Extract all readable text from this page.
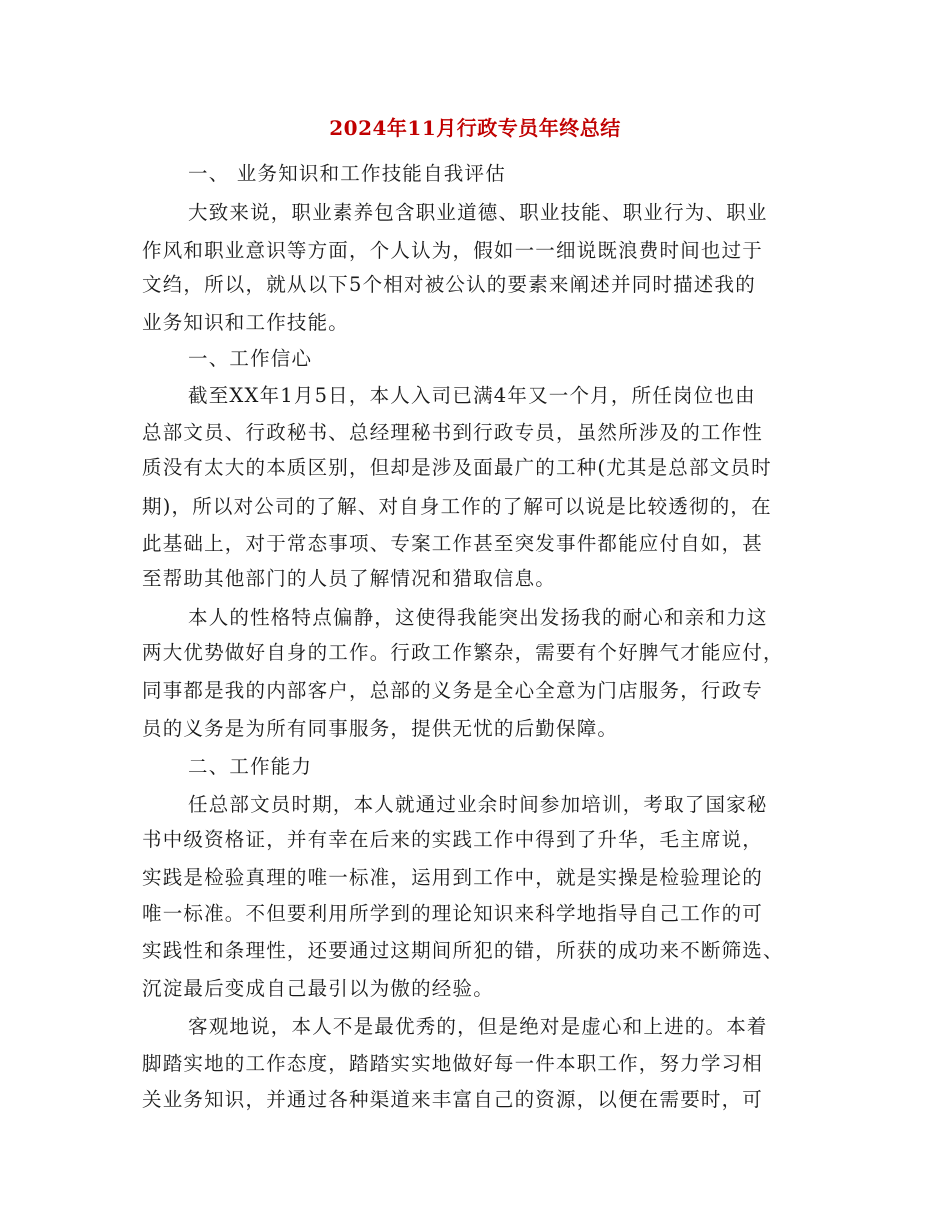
2024年11月行政专员年终总结
一、 业务知识和工作技能自我评估
大致来说，职业素养包含职业道德、职业技能、职业行为、职业
作风和职业意识等方面，个人认为，假如一一细说既浪费时间也过于
文绉，所以，就从以下5个相对被公认的要素来阐述并同时描述我的
业务知识和工作技能。
一、工作信心
截至XX年1月5日，本人入司已满4年又一个月，所任岗位也由
总部文员、行政秘书、总经理秘书到行政专员，虽然所涉及的工作性
质没有太大的本质区别，但却是涉及面最广的工种(尤其是总部文员时
期)，所以对公司的了解、对自身工作的了解可以说是比较透彻的，在
此基础上，对于常态事项、专案工作甚至突发事件都能应付自如，甚
至帮助其他部门的人员了解情况和猎取信息。
本人的性格特点偏静，这使得我能突出发扬我的耐心和亲和力这
两大优势做好自身的工作。行政工作繁杂，需要有个好脾气才能应付，
同事都是我的内部客户，总部的义务是全心全意为门店服务，行政专
员的义务是为所有同事服务，提供无忧的后勤保障。
二、工作能力
任总部文员时期，本人就通过业余时间参加培训，考取了国家秘
书中级资格证，并有幸在后来的实践工作中得到了升华，毛主席说，
实践是检验真理的唯一标准，运用到工作中，就是实操是检验理论的
唯一标准。不但要利用所学到的理论知识来科学地指导自己工作的可
实践性和条理性，还要通过这期间所犯的错，所获的成功来不断筛选、
沉淀最后变成自己最引以为傲的经验。
客观地说，本人不是最优秀的，但是绝对是虚心和上进的。本着
脚踏实地的工作态度，踏踏实实地做好每一件本职工作，努力学习相
关业务知识，并通过各种渠道来丰富自己的资源，以便在需要时，可
